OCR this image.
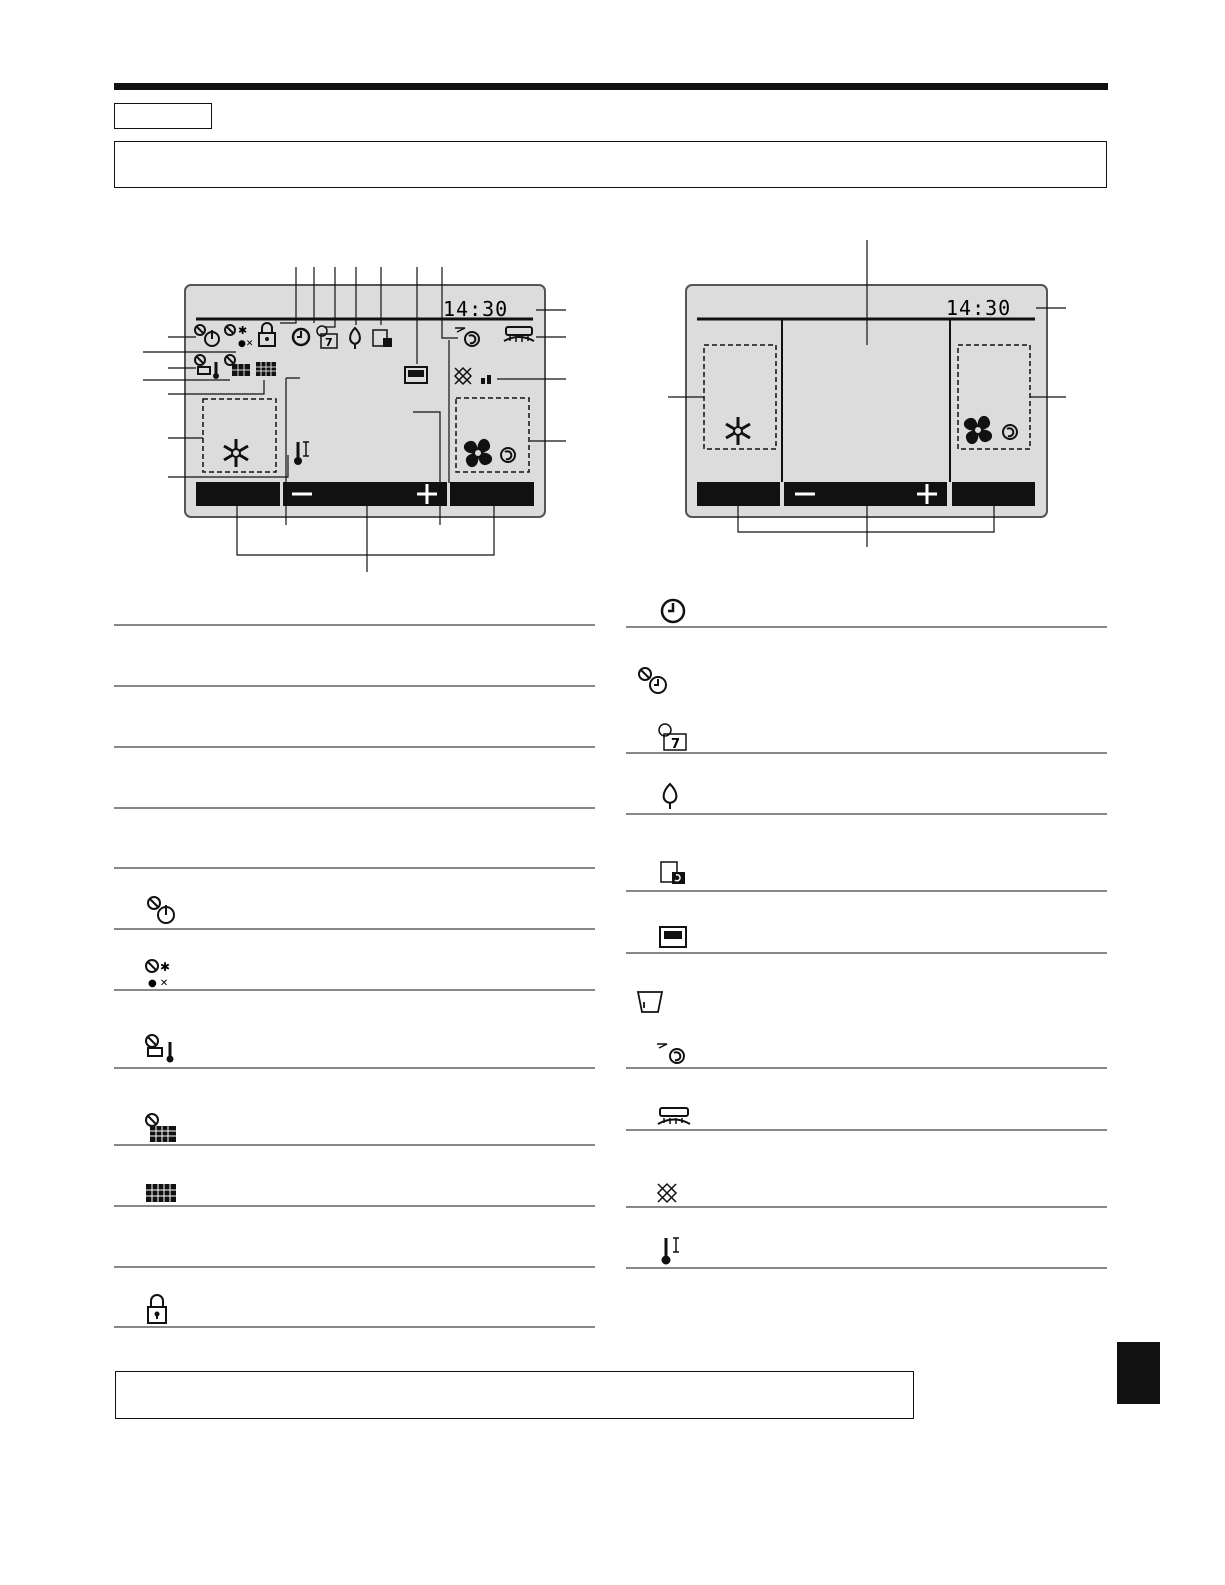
✱
●✕	7
14:30	14:30
✱
● ✕
7
